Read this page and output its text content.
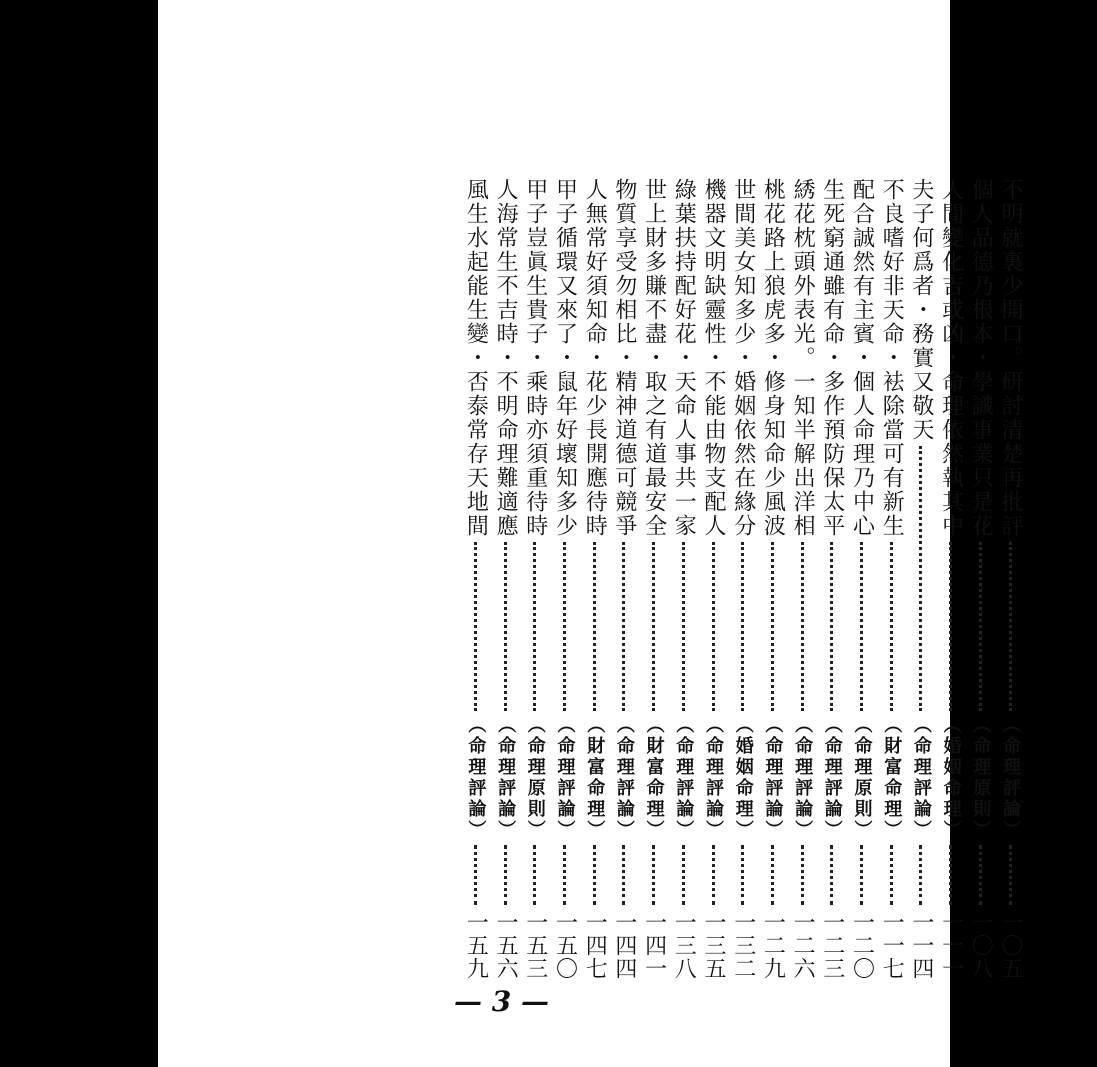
不明就裏少開口。研討清楚再批評
（命理評論）
一〇五
個人品德乃根本・學識事業只是花
（命理原則）
一〇八
人間變化吉或凶・命理依然執其中
（婚姻命理）
一一一
夫子何爲者・務實又敬天
（命理評論）
一一四
不良嗜好非天命・袪除當可有新生
（財富命理）
一一七
配合誠然有主賓・個人命理乃中心
（命理原則）
一二〇
生死窮通雖有命・多作預防保太平
（命理評論）
一二三
綉花枕頭外表光。一知半解出洋相
（命理評論）
一二六
桃花路上狼虎多・修身知命少風波
（命理評論）
一二九
世間美女知多少・婚姻依然在緣分
（婚姻命理）
一三二
機器文明缺靈性・不能由物支配人
（命理評論）
一三五
綠葉扶持配好花・天命人事共一家
（命理評論）
一三八
世上財多賺不盡・取之有道最安全
（財富命理）
一四一
物質享受勿相比・精神道德可競爭
（命理評論）
一四四
人無常好須知命・花少長開應待時
（財富命理）
一四七
甲子循環又來了・鼠年好壞知多少
（命理評論）
一五〇
甲子豈眞生貴子・乘時亦須重待時
（命理原則）
一五三
人海常生不吉時・不明命理難適應
（命理評論）
一五六
風生水起能生變・否泰常存天地間
（命理評論）
一五九
— 3 —
